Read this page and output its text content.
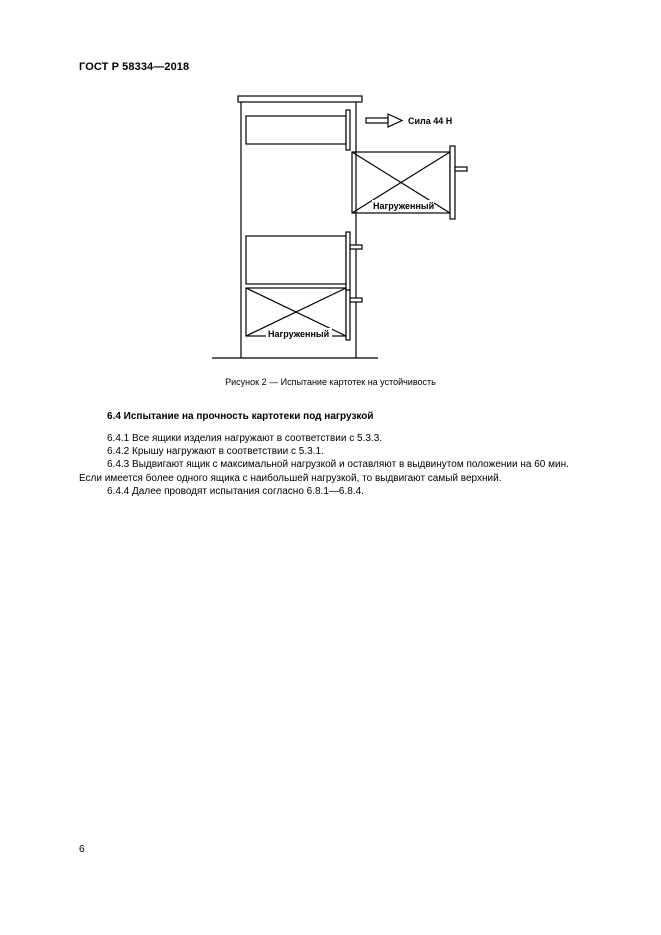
ГОСТ Р 58334—2018
Сила 44 Н
Нагруженный
Нагруженный
Рисунок 2 — Испытание картотек на устойчивость
6.4 Испытание на прочность картотеки под нагрузкой
6.4.1 Все ящики изделия нагружают в соответствии с 5.3.3.
6.4.2 Крышу нагружают в соответствии с 5.3.1.
6.4.3 Выдвигают ящик с максимальной нагрузкой и оставляют в выдвинутом положении на 60 мин.
Если имеется более одного ящика с наибольшей нагрузкой, то выдвигают самый верхний.
6.4.4 Далее проводят испытания согласно 6.8.1—6.8.4.
6
